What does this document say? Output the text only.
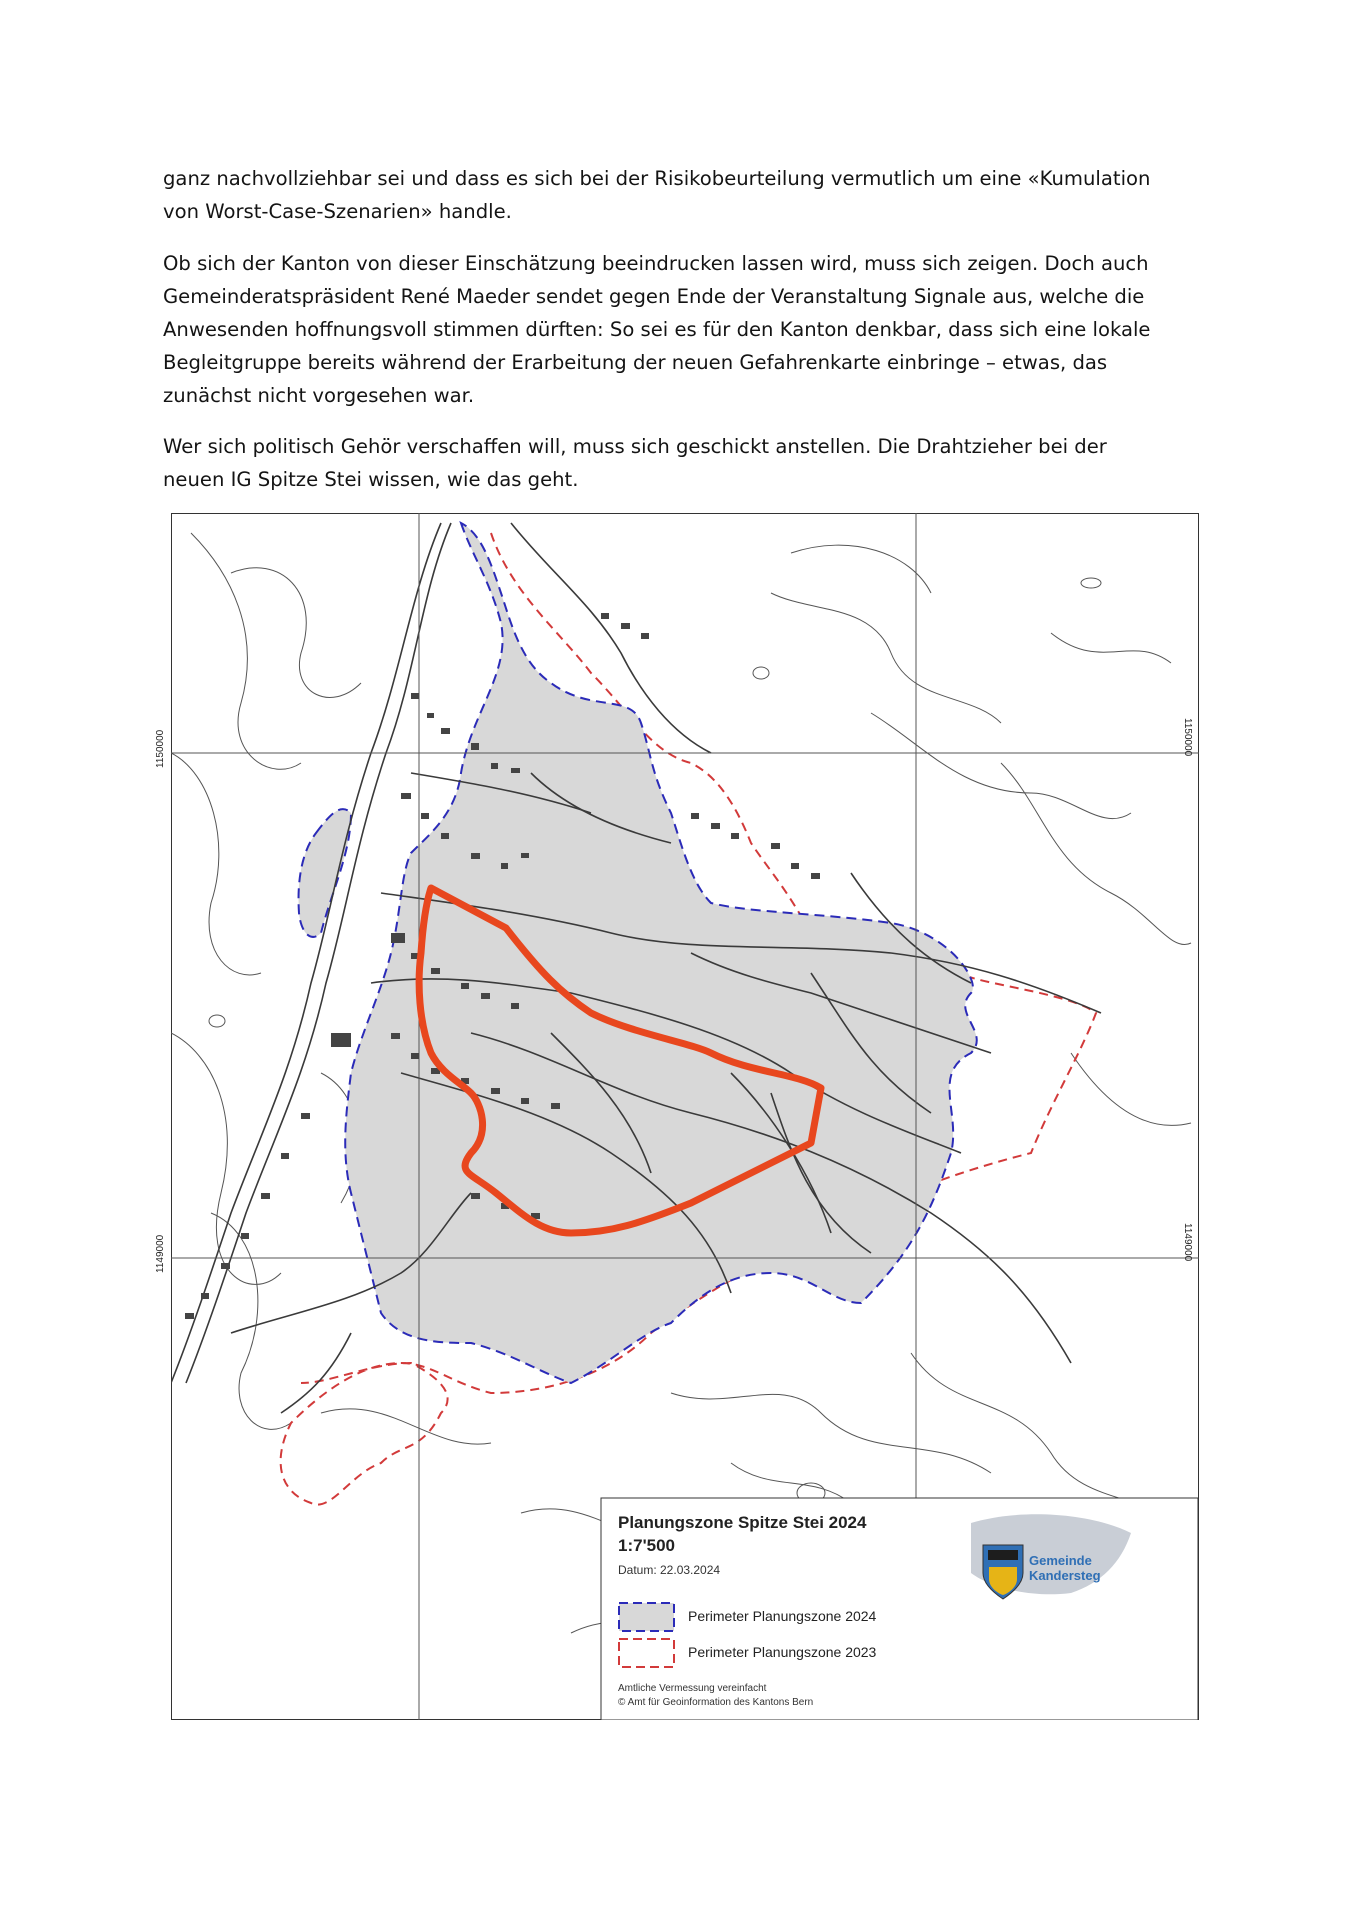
ganz nachvollziehbar sei und dass es sich bei der Risikobeurteilung vermutlich um eine «Kumulation
von Worst-Case-Szenarien» handle.

Ob sich der Kanton von dieser Einschätzung beeindrucken lassen wird, muss sich zeigen. Doch auch
Gemeinderatspräsident René Maeder sendet gegen Ende der Veranstaltung Signale aus, welche die
Anwesenden hoffnungsvoll stimmen dürften: So sei es für den Kanton denkbar, dass sich eine lokale
Begleitgruppe bereits während der Erarbeitung der neuen Gefahrenkarte einbringe – etwas, das
zunächst nicht vorgesehen war.

Wer sich politisch Gehör verschaffen will, muss sich geschickt anstellen. Die Drahtzieher bei der
neuen IG Spitze Stei wissen, wie das geht.

1150000
1149000
1150000
1149000
Planungszone Spitze Stei 2024
1:7'500
Datum: 22.03.2024
Perimeter Planungszone 2024
Perimeter Planungszone 2023
Amtliche Vermessung vereinfacht
© Amt für Geoinformation des Kantons Bern
Gemeinde
Kandersteg
